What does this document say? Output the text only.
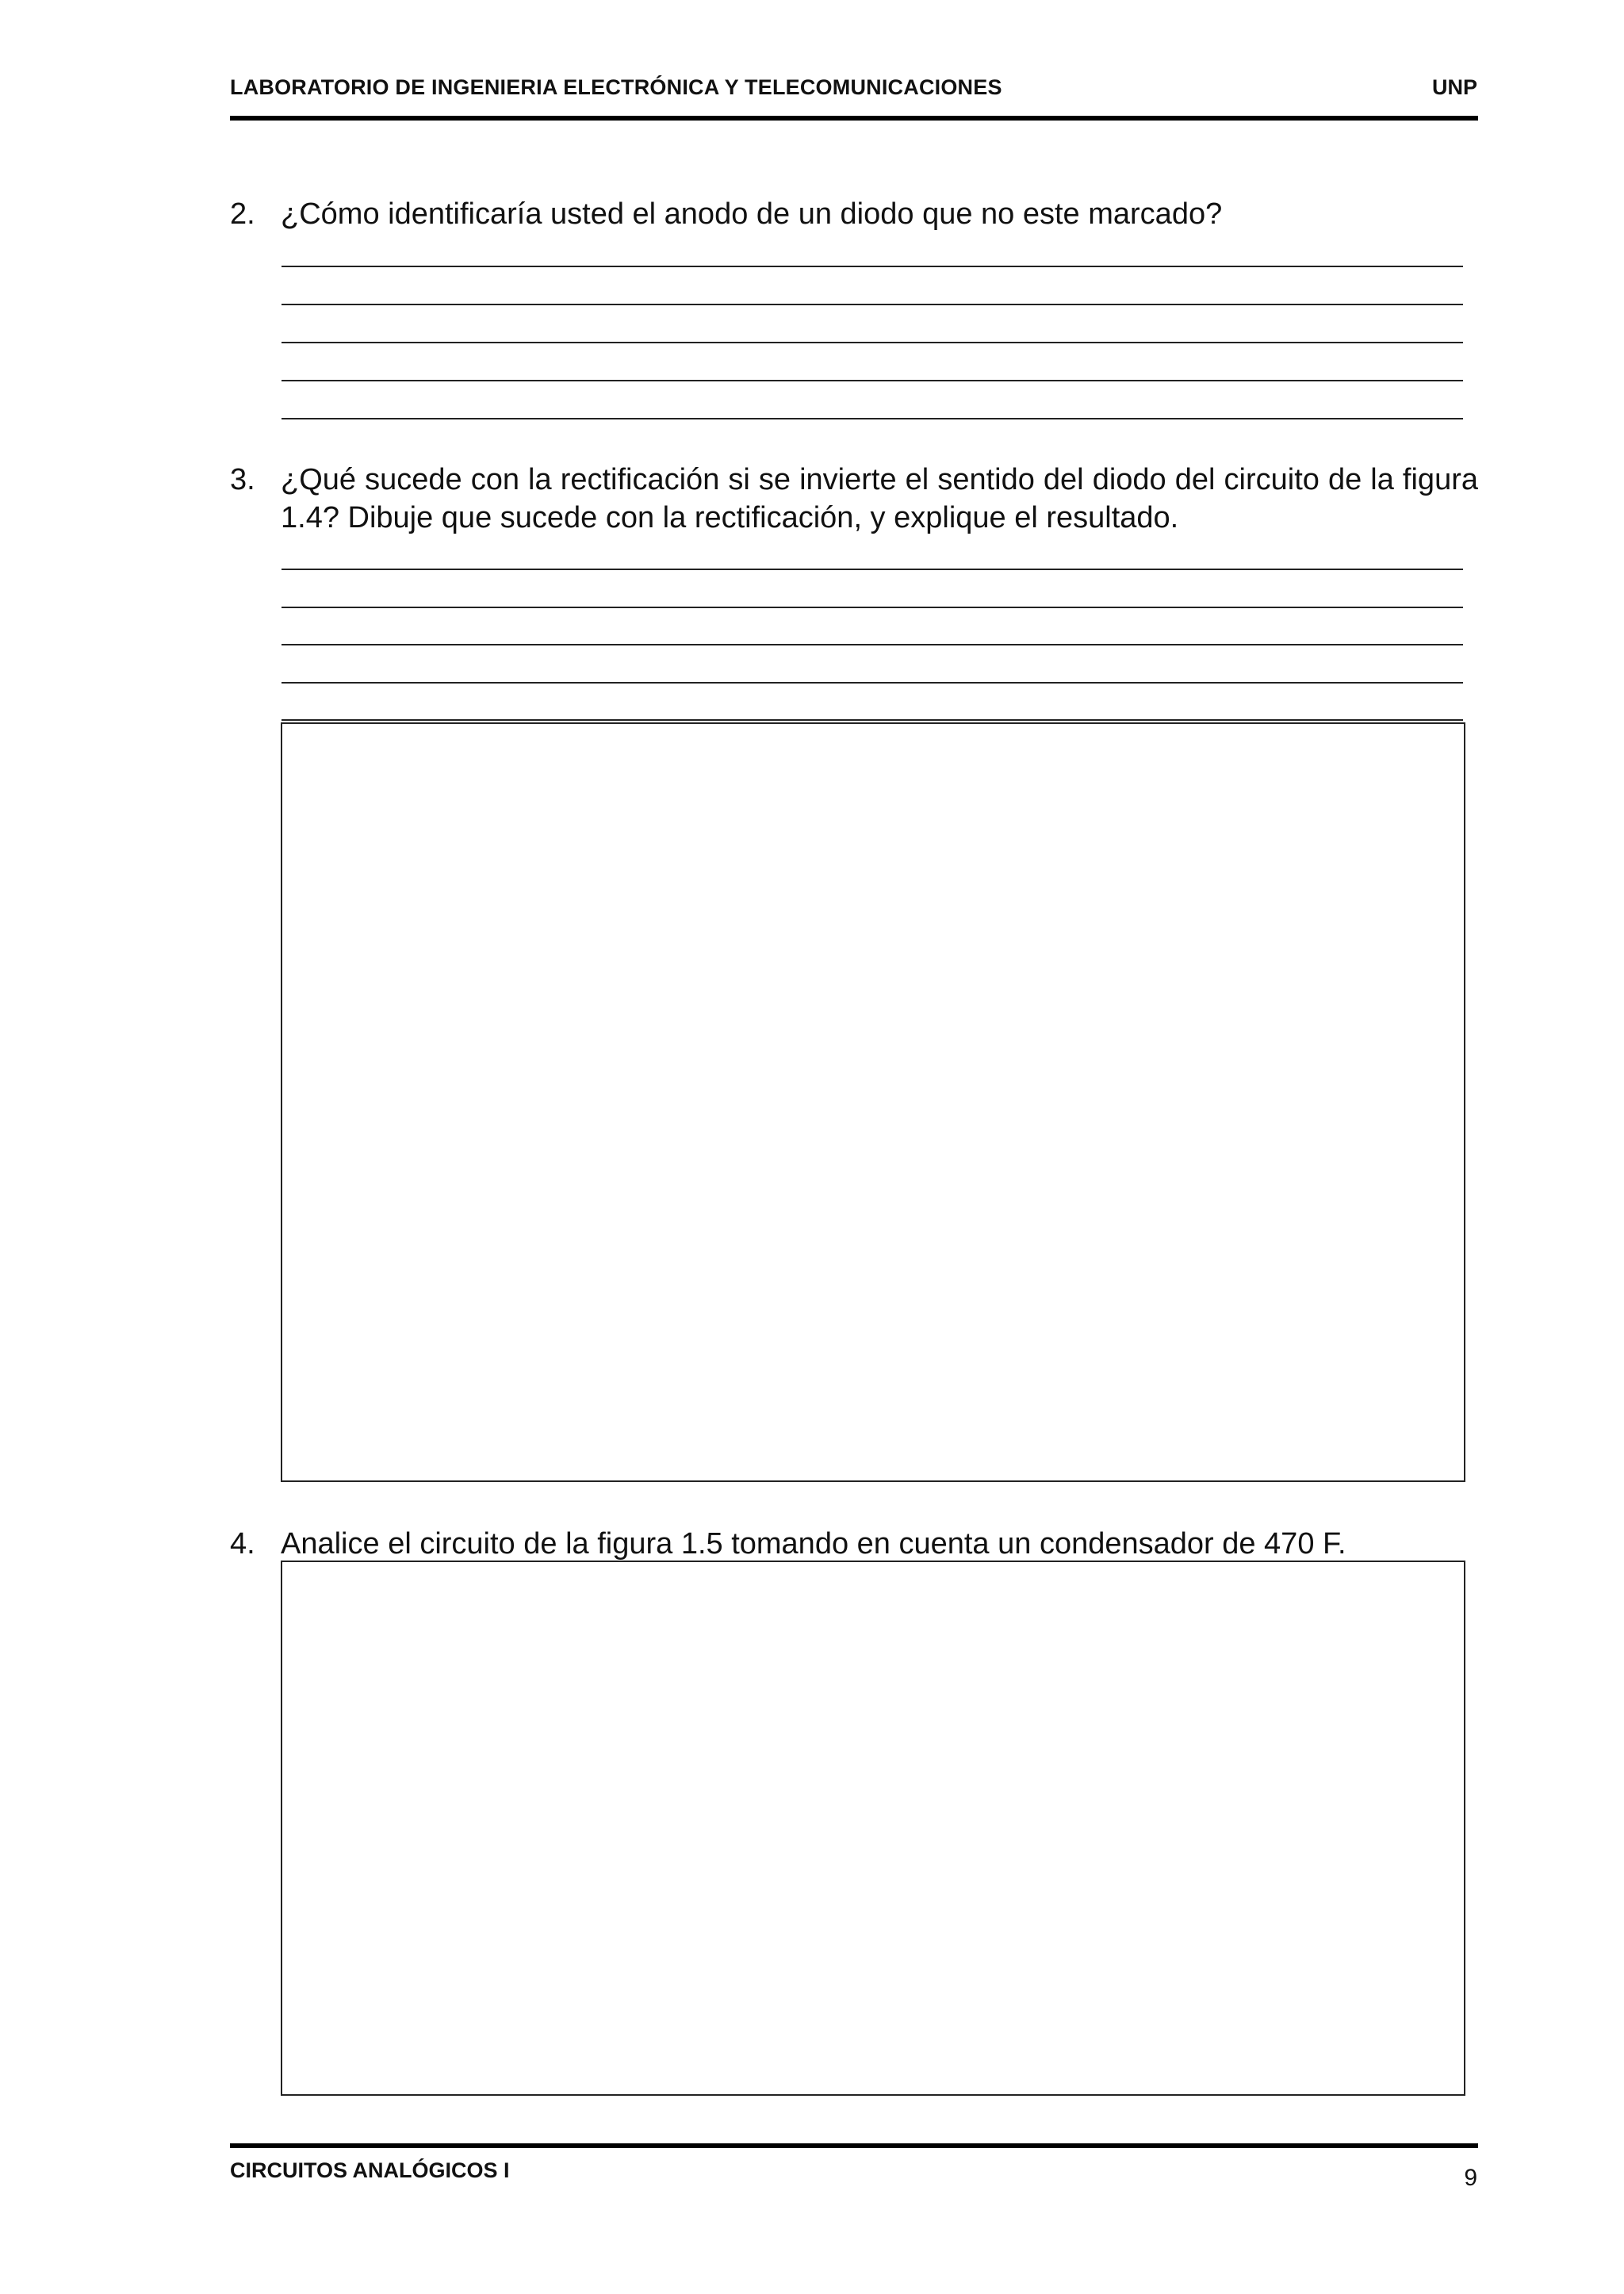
LABORATORIO DE INGENIERIA ELECTRÓNICA Y TELECOMUNICACIONES	UNP
2. ¿Cómo identificaría usted el anodo de un diodo que no este marcado?
3. ¿Qué sucede con la rectificación si se invierte el sentido del diodo del circuito de la figura 1.4? Dibuje que sucede con la rectificación, y explique el resultado.
4. Analice el circuito de la figura 1.5 tomando en cuenta un condensador de 470 F.
CIRCUITOS ANALÓGICOS I	9
